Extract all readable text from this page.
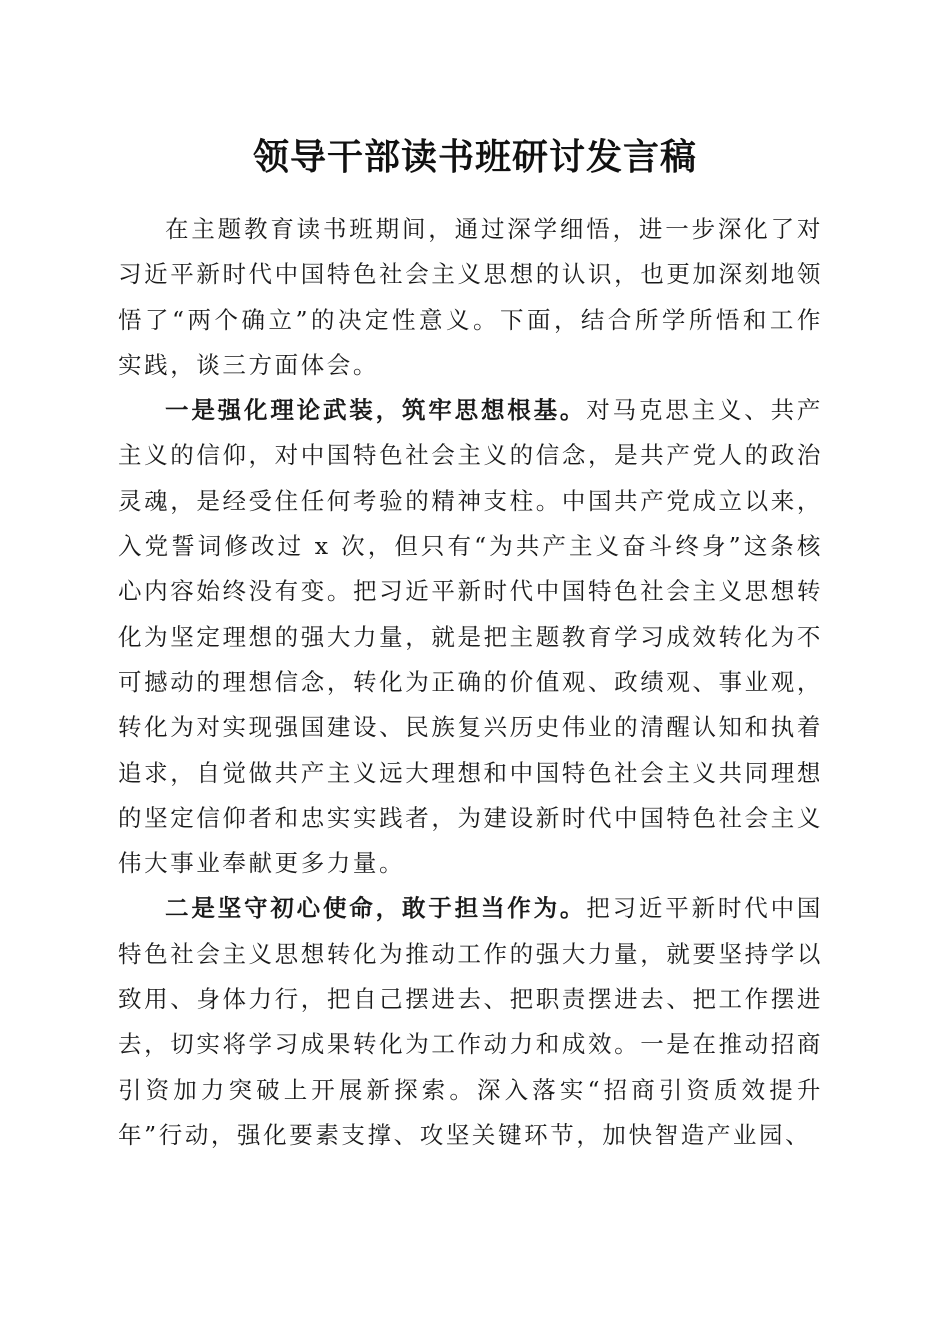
领导干部读书班研讨发言稿

在主题教育读书班期间，通过深学细悟，进一步深化了对习近平新时代中国特色社会主义思想的认识，也更加深刻地领悟了“两个确立”的决定性意义。下面，结合所学所悟和工作实践，谈三方面体会。

一是强化理论武装，筑牢思想根基。对马克思主义、共产主义的信仰，对中国特色社会主义的信念，是共产党人的政治灵魂，是经受住任何考验的精神支柱。中国共产党成立以来，入党誓词修改过 x 次，但只有“为共产主义奋斗终身”这条核心内容始终没有变。把习近平新时代中国特色社会主义思想转化为坚定理想的强大力量，就是把主题教育学习成效转化为不可撼动的理想信念，转化为正确的价值观、政绩观、事业观，转化为对实现强国建设、民族复兴历史伟业的清醒认知和执着追求，自觉做共产主义远大理想和中国特色社会主义共同理想的坚定信仰者和忠实实践者，为建设新时代中国特色社会主义伟大事业奉献更多力量。

二是坚守初心使命，敢于担当作为。把习近平新时代中国特色社会主义思想转化为推动工作的强大力量，就要坚持学以致用、身体力行，把自己摆进去、把职责摆进去、把工作摆进去，切实将学习成果转化为工作动力和成效。一是在推动招商引资加力突破上开展新探索。深入落实“招商引资质效提升年”行动，强化要素支撑、攻坚关键环节，加快智造产业园、
